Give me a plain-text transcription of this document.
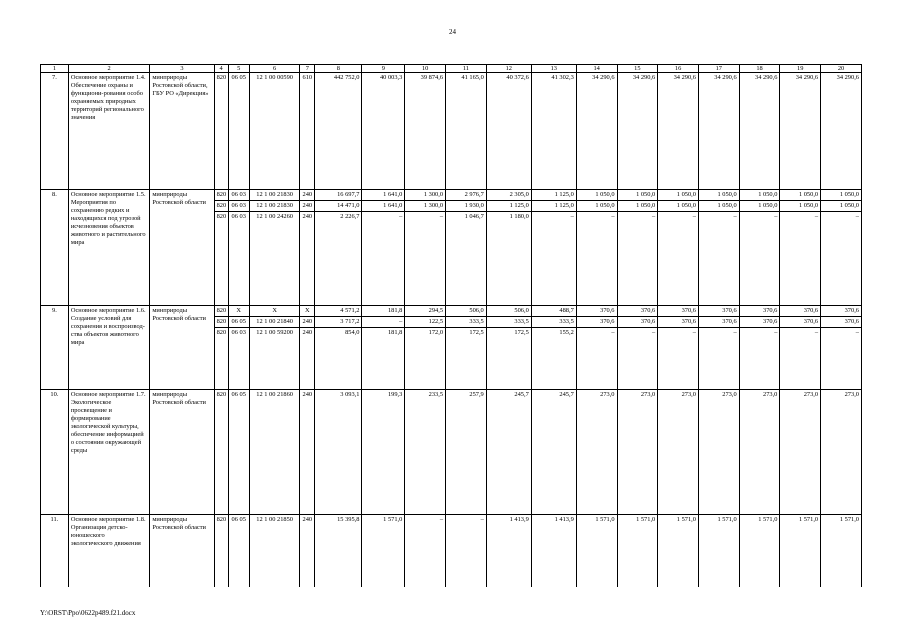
24
1	2	3	4	5	6	7	8	9	10	11	12	13	14	15	16	17	18	19	20
7.	Основное мероприятие 1.4. Обеспечение охраны и функциони-рования особо охраняемых природных территорий регионального значения	минприроды Ростовской области, ГБУ РО «Дирекция»	820	06 05	12 1 00 00590	610	442 752,0	40 003,3	39 874,6	41 165,0	40 372,6	41 302,3	34 290,6	34 290,6	34 290,6	34 290,6	34 290,6	34 290,6	34 290,6
8.	Основное мероприятие 1.5. Мероприятия по сохранению редких и находящихся под угрозой исчезновения объектов животного и растительного мира	минприроды Ростовской области	820	06 03	12 1 00 21830	240	16 697,7	1 641,0	1 300,0	2 976,7	2 305,0	1 125,0	1 050,0	1 050,0	1 050,0	1 050,0	1 050,0	1 050,0	1 050,0
			820	06 03	12 1 00 21830	240	14 471,0	1 641,0	1 300,0	1 930,0	1 125,0	1 125,0	1 050,0	1 050,0	1 050,0	1 050,0	1 050,0	1 050,0	1 050,0
			820	06 03	12 1 00 24260	240	2 226,7	–	–	1 046,7	1 180,0	–	–	–	–	–	–	–	–
9.	Основное мероприятие 1.6. Создание условий для сохранения и воспроизвод-ства объектов животного мира	минприроды Ростовской области	820	Х	Х	Х	4 571,2	181,8	294,5	506,0	506,0	488,7	370,6	370,6	370,6	370,6	370,6	370,6	370,6
			820	06 05	12 1 00 21840	240	3 717,2	–	122,5	333,5	333,5	333,5	370,6	370,6	370,6	370,6	370,6	370,6	370,6
			820	06 03	12 1 00 59200	240	854,0	181,8	172,0	172,5	172,5	155,2	–	–	–	–	–	–	–
10.	Основное мероприятие 1.7. Экологическое просвещение и формирование экологической культуры, обеспечение информацией о состоянии окружающей среды	минприроды Ростовской области	820	06 05	12 1 00 21860	240	3 093,1	199,3	233,5	257,9	245,7	245,7	273,0	273,0	273,0	273,0	273,0	273,0	273,0
11.	Основное мероприятие 1.8. Организация детско-юношеского экологического движения	минприроды Ростовской области	820	06 05	12 1 00 21850	240	15 395,8	1 571,0	–	–	1 413,9	1 413,9	1 571,0	1 571,0	1 571,0	1 571,0	1 571,0	1 571,0	1 571,0
Y:\ORST\Ppo\0622p489.f21.docx
